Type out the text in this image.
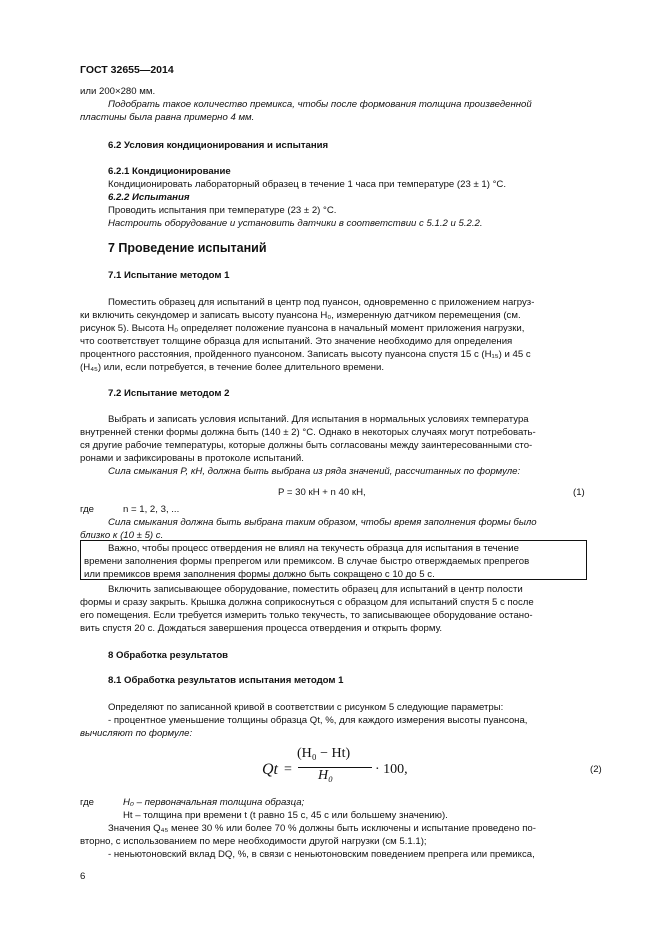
ГОСТ 32655—2014
или 200×280 мм.
Подобрать такое количество премикса, чтобы после формования толщина произведенной
пластины была равна примерно 4 мм.
6.2 Условия кондиционирования и испытания
6.2.1 Кондиционирование
Кондиционировать лабораторный образец в течение 1 часа при температуре (23 ± 1) °С.
6.2.2 Испытания
Проводить испытания при температуре (23 ± 2) °С.
Настроить оборудование и установить датчики в соответствии с 5.1.2 и 5.2.2.
7 Проведение испытаний
7.1 Испытание методом 1
Поместить образец для испытаний в центр под пуансон, одновременно с приложением нагруз-
ки включить секундомер и записать высоту пуансона H₀, измеренную датчиком перемещения (см.
рисунок 5). Высота H₀ определяет положение пуансона в начальный момент приложения нагрузки,
что соответствует толщине образца для испытаний. Это значение необходимо для определения
процентного расстояния, пройденного пуансоном. Записать высоту пуансона спустя 15 с (H₁₅) и 45 с
(H₄₅) или, если потребуется, в течение более длительного времени.
7.2 Испытание методом 2
Выбрать и записать условия испытаний. Для испытания в нормальных условиях температура
внутренней стенки формы должна быть (140 ± 2) °С. Однако в некоторых случаях могут потребовать-
ся другие рабочие температуры, которые должны быть согласованы между заинтересованными сто-
ронами и зафиксированы в протоколе испытаний.
Сила смыкания P, кН, должна быть выбрана из ряда значений, рассчитанных по формуле:
P = 30 кН + n 40 кН,	(1)
где	n = 1, 2, 3, ...
Сила смыкания должна быть выбрана таким образом, чтобы время заполнения формы было
близко к (10 ± 5) с.
Важно, чтобы процесс отвердения не влиял на текучесть образца для испытания в течение
времени заполнения формы препрегом или премиксом. В случае быстро отверждаемых препрегов
или премиксов время заполнения формы должно быть сокращено с 10 до 5 с.
Включить записывающее оборудование, поместить образец для испытаний в центр полости
формы и сразу закрыть. Крышка должна соприкоснуться с образцом для испытаний спустя 5 с после
его помещения. Если требуется измерить только текучесть, то записывающее оборудование остано-
вить спустя 20 с. Дождаться завершения процесса отвердения и открыть форму.
8 Обработка результатов
8.1 Обработка результатов испытания методом 1
Определяют по записанной кривой в соответствии с рисунком 5 следующие параметры:
- процентное уменьшение толщины образца Qt, %, для каждого измерения высоты пуансона,
вычисляют по формуле:
Qt =
(H₀ − Ht)
H₀	· 100,	(2)
где	H₀ – первоначальная толщина образца;
Ht – толщина при времени t (t равно 15 с, 45 с или большему значению).
Значения Q₄₅ менее 30 % или более 70 % должны быть исключены и испытание проведено по-
вторно, с использованием по мере необходимости другой нагрузки (см 5.1.1);
- неньютоновский вклад DQ, %, в связи с неньютоновским поведением препрега или премикса,
6
